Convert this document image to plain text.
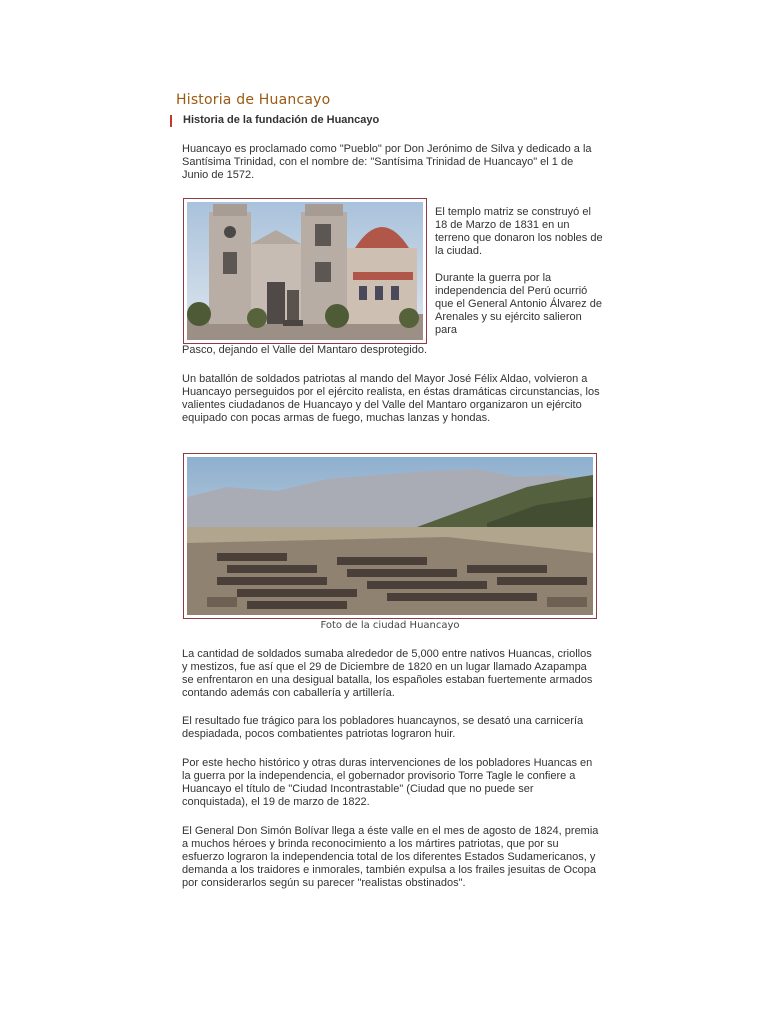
Historia de Huancayo
Historia de la fundación de Huancayo

Huancayo es proclamado como "Pueblo" por Don Jerónimo de Silva y dedicado a la Santísima Trinidad, con el nombre de: "Santísima Trinidad de Huancayo" el 1 de Junio de 1572.

El templo matriz se construyó el 18 de Marzo de 1831 en un terreno que donaron los nobles de la ciudad.

Durante la guerra por la independencia del Perú ocurrió que el General Antonio Álvarez de Arenales y su ejército salieron para

Pasco, dejando el Valle del Mantaro desprotegido.

Un batallón de soldados patriotas al mando del Mayor José Félix Aldao, volvieron a Huancayo perseguidos por el ejército realista, en éstas dramáticas circunstancias, los valientes ciudadanos de Huancayo y del Valle del Mantaro organizaron un ejército equipado con pocas armas de fuego, muchas lanzas y hondas.

Foto de la ciudad Huancayo

La cantidad de soldados sumaba alrededor de 5,000 entre nativos Huancas, criollos y mestizos, fue así que el 29 de Diciembre de 1820 en un lugar llamado Azapampa se enfrentaron en una desigual batalla, los españoles estaban fuertemente armados contando además con caballería y artillería.

El resultado fue trágico para los pobladores huancaynos, se desató una carnicería despiadada, pocos combatientes patriotas lograron huir.

Por este hecho histórico y otras duras intervenciones de los pobladores Huancas en la guerra por la independencia, el gobernador provisorio Torre Tagle le confiere a Huancayo el título de "Ciudad Incontrastable" (Ciudad que no puede ser conquistada), el 19 de marzo de 1822.

El General Don Simón Bolívar llega a éste valle en el mes de agosto de 1824, premia a muchos héroes y brinda reconocimiento a los mártires patriotas, que por su esfuerzo lograron la independencia total de los diferentes Estados Sudamericanos, y demanda a los traidores e inmorales, también expulsa a los frailes jesuitas de Ocopa por considerarlos según su parecer "realistas obstinados".
